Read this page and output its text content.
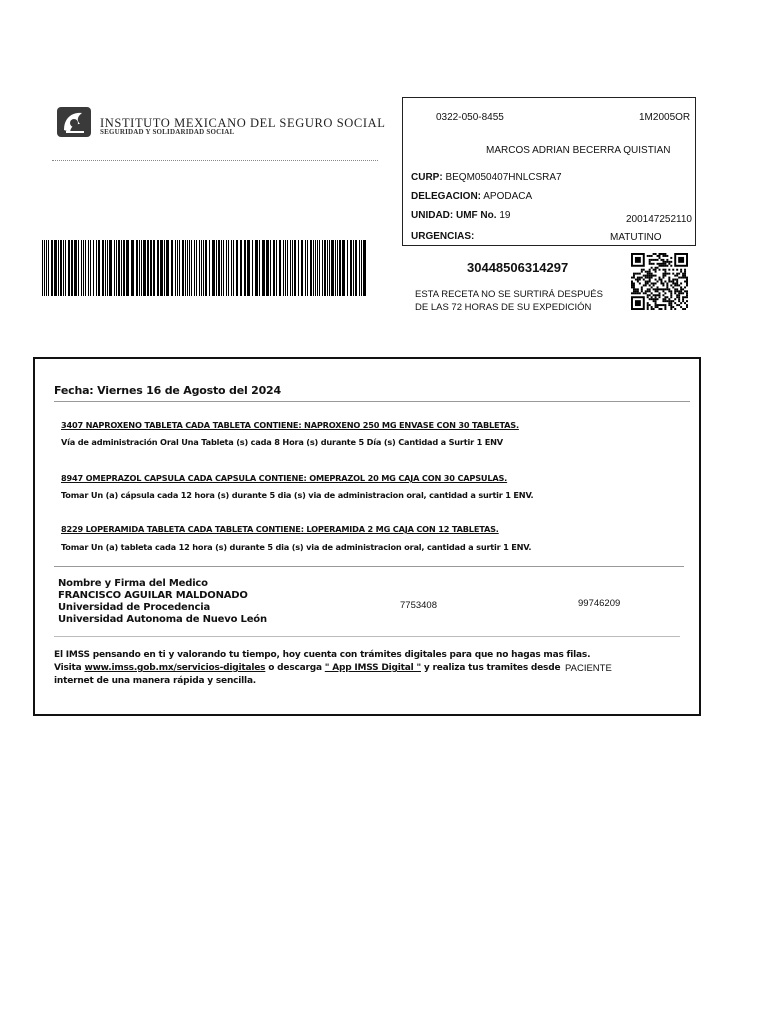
INSTITUTO MEXICANO DEL SEGURO SOCIAL
SEGURIDAD Y SOLIDARIDAD SOCIAL
0322-050-8455	1M2005OR
MARCOS ADRIAN BECERRA QUISTIAN
CURP: BEQM050407HNLCSRA7
DELEGACION: APODACA
UNIDAD: UMF No. 19	200147252110
URGENCIAS:	MATUTINO
30448506314297
ESTA RECETA NO SE SURTIRÁ DESPUÉS
DE LAS 72 HORAS DE SU EXPEDICIÓN
Fecha: Viernes 16 de Agosto del 2024
3407 NAPROXENO TABLETA CADA TABLETA CONTIENE: NAPROXENO 250 MG ENVASE CON 30 TABLETAS.
Vía de administración Oral Una Tableta (s) cada 8 Hora (s) durante 5 Día (s) Cantidad a Surtir 1 ENV
8947 OMEPRAZOL CAPSULA CADA CAPSULA CONTIENE: OMEPRAZOL 20 MG CAJA CON 30 CAPSULAS.
Tomar Un (a) cápsula cada 12 hora (s) durante 5 dia (s) via de administracion oral, cantidad a surtir 1 ENV.
8229 LOPERAMIDA TABLETA CADA TABLETA CONTIENE: LOPERAMIDA 2 MG CAJA CON 12 TABLETAS.
Tomar Un (a) tableta cada 12 hora (s) durante 5 dia (s) via de administracion oral, cantidad a surtir 1 ENV.
Nombre y Firma del Medico
FRANCISCO AGUILAR MALDONADO
Universidad de Procedencia
Universidad Autonoma de Nuevo León
7753408	99746209
El IMSS pensando en ti y valorando tu tiempo, hoy cuenta con trámites digitales para que no hagas mas filas.
Visita www.imss.gob.mx/servicios-digitales o descarga " App IMSS Digital " y realiza tus tramites desde
internet de una manera rápida y sencilla.
PACIENTE
